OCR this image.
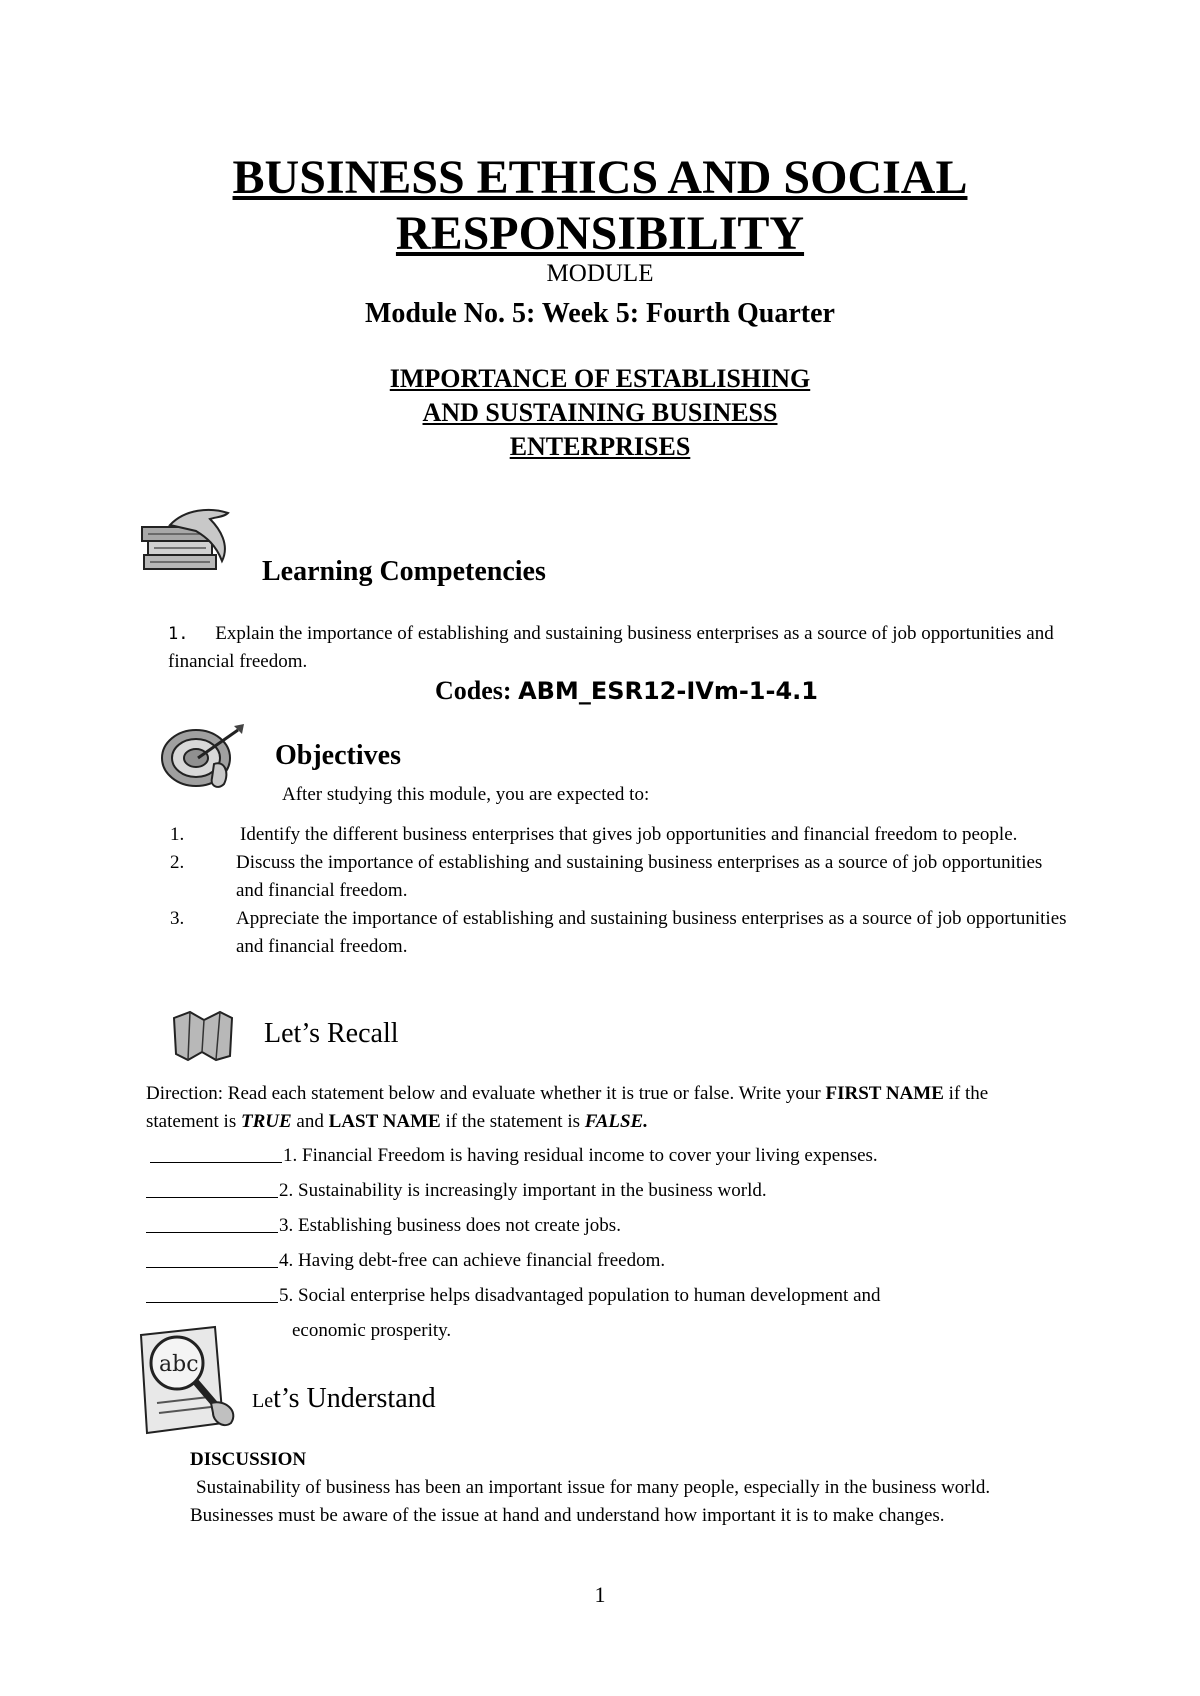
BUSINESS ETHICS AND SOCIAL
RESPONSIBILITY
MODULE
Module No. 5: Week 5: Fourth Quarter
IMPORTANCE OF ESTABLISHING
AND SUSTAINING BUSINESS
ENTERPRISES
Learning Competencies
1. Explain the importance of establishing and sustaining business enterprises as a source of job opportunities and financial freedom.
Codes: ABM_ESR12-IVm-1-4.1
Objectives
After studying this module, you are expected to:
1.	Identify the different business enterprises that gives job opportunities and financial freedom to people.
2.	Discuss the importance of establishing and sustaining business enterprises as a source of job opportunities and financial freedom.
3.	Appreciate the importance of establishing and sustaining business enterprises as a source of job opportunities and financial freedom.
Let’s Recall
Direction: Read each statement below and evaluate whether it is true or false. Write your FIRST NAME if the statement is TRUE and LAST NAME if the statement is FALSE.
1. Financial Freedom is having residual income to cover your living expenses.
2. Sustainability is increasingly important in the business world.
3. Establishing business does not create jobs.
4. Having debt-free can achieve financial freedom.
5. Social enterprise helps disadvantaged population to human development and
economic prosperity.
abc
Let’s Understand
DISCUSSION
Sustainability of business has been an important issue for many people, especially in the business world. Businesses must be aware of the issue at hand and understand how important it is to make changes.
1
